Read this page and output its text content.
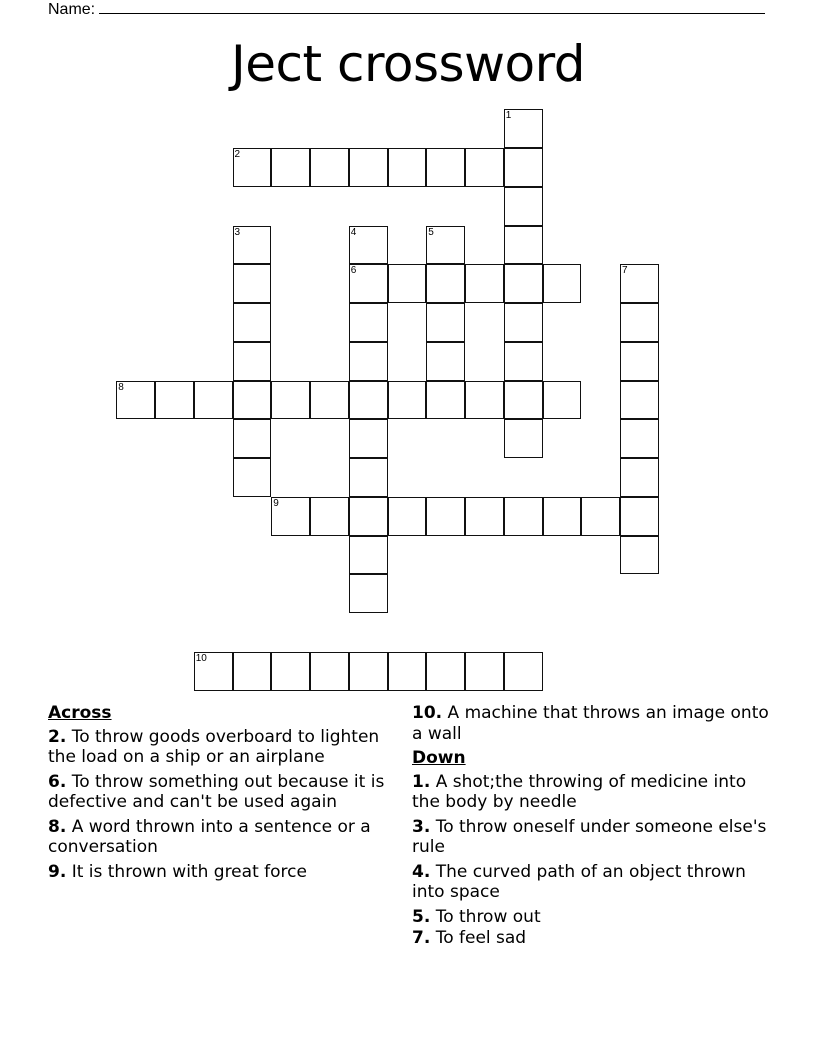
Name:
Ject crossword
1
2
3	4
6
5
7
8
9
10
Across
2. To throw goods overboard to lighten the load on a ship or an airplane
6. To throw something out because it is defective and can't be used again
8. A word thrown into a sentence or a conversation
9. It is thrown with great force
10. A machine that throws an image onto a wall
Down
1. A shot;the throwing of medicine into the body by needle
3. To throw oneself under someone else's rule
4. The curved path of an object thrown into space
5. To throw out
7. To feel sad
